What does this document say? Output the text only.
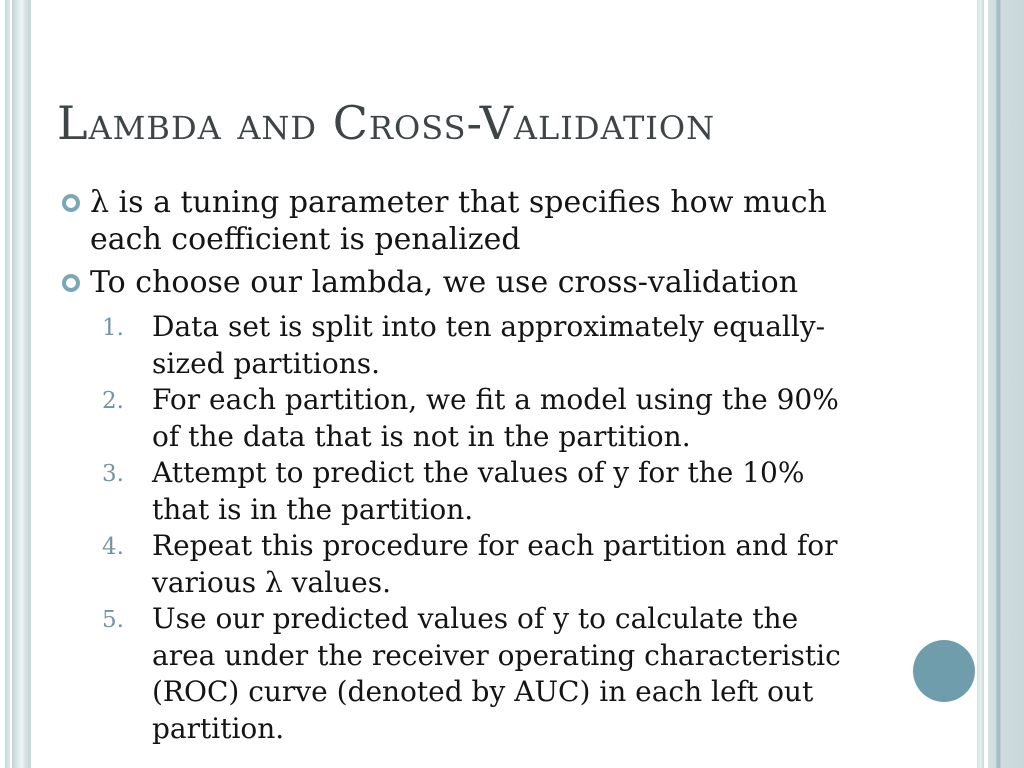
Lambda and Cross-Validation
λ is a tuning parameter that specifies how much each coefficient is penalized
To choose our lambda, we use cross-validation
1. Data set is split into ten approximately equally-sized partitions.
2. For each partition, we fit a model using the 90% of the data that is not in the partition.
3. Attempt to predict the values of y for the 10% that is in the partition.
4. Repeat this procedure for each partition and for various λ values.
5. Use our predicted values of y to calculate the area under the receiver operating characteristic (ROC) curve (denoted by AUC) in each left out partition.
